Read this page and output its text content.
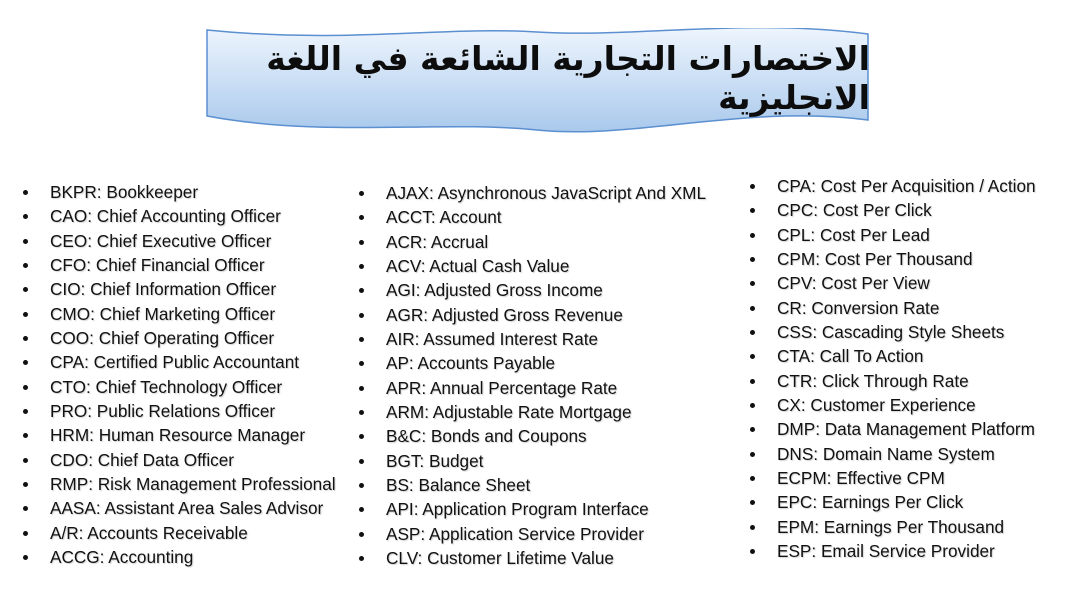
الاختصارات التجارية الشائعة في اللغة الانجليزية
BKPR: Bookkeeper
CAO: Chief Accounting Officer
CEO: Chief Executive Officer
CFO: Chief Financial Officer
CIO: Chief Information Officer
CMO: Chief Marketing Officer
COO: Chief Operating Officer
CPA: Certified Public Accountant
CTO: Chief Technology Officer
PRO: Public Relations Officer
HRM: Human Resource Manager
CDO: Chief Data Officer
RMP: Risk Management Professional
AASA: Assistant Area Sales Advisor
A/R: Accounts Receivable
ACCG: Accounting
AJAX: Asynchronous JavaScript And XML
ACCT: Account
ACR: Accrual
ACV: Actual Cash Value
AGI: Adjusted Gross Income
AGR: Adjusted Gross Revenue
AIR: Assumed Interest Rate
AP: Accounts Payable
APR: Annual Percentage Rate
ARM: Adjustable Rate Mortgage
B&C: Bonds and Coupons
BGT: Budget
BS: Balance Sheet
API: Application Program Interface
ASP: Application Service Provider
CLV: Customer Lifetime Value
CPA: Cost Per Acquisition / Action
CPC: Cost Per Click
CPL: Cost Per Lead
CPM: Cost Per Thousand
CPV: Cost Per View
CR: Conversion Rate
CSS: Cascading Style Sheets
CTA: Call To Action
CTR: Click Through Rate
CX: Customer Experience
DMP: Data Management Platform
DNS: Domain Name System
ECPM: Effective CPM
EPC: Earnings Per Click
EPM: Earnings Per Thousand
ESP: Email Service Provider
